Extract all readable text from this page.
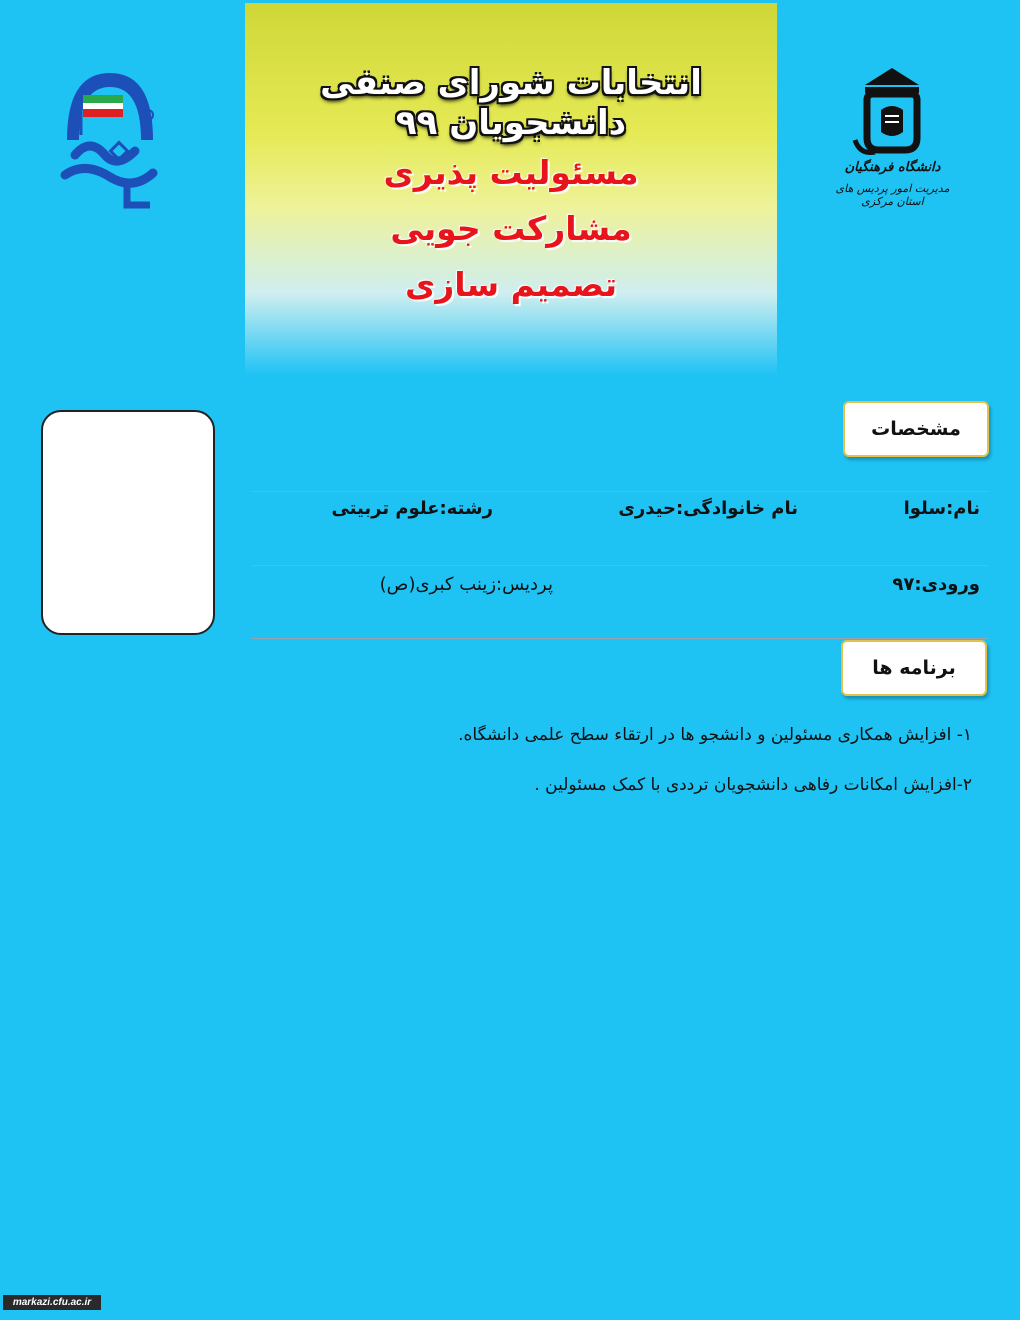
انتخابات شورای صنفی دانشجویان ۹۹
مسئولیت پذیری
مشارکت جویی
تصمیم سازی
دانشگاه فرهنگیان
مدیریت امور پردیس های استان مرکزی
مشخصات
نام:سلوا
نام خانوادگی:حیدری
رشته:علوم تربیتی
ورودی:۹۷
پردیس:زینب کبری(ص)
برنامه ها
۱- افزایش همکاری مسئولین و دانشجو ها در ارتقاء سطح علمی دانشگاه.
۲-افزایش امکانات رفاهی دانشجویان ترددی با کمک مسئولین .
markazi.cfu.ac.ir
